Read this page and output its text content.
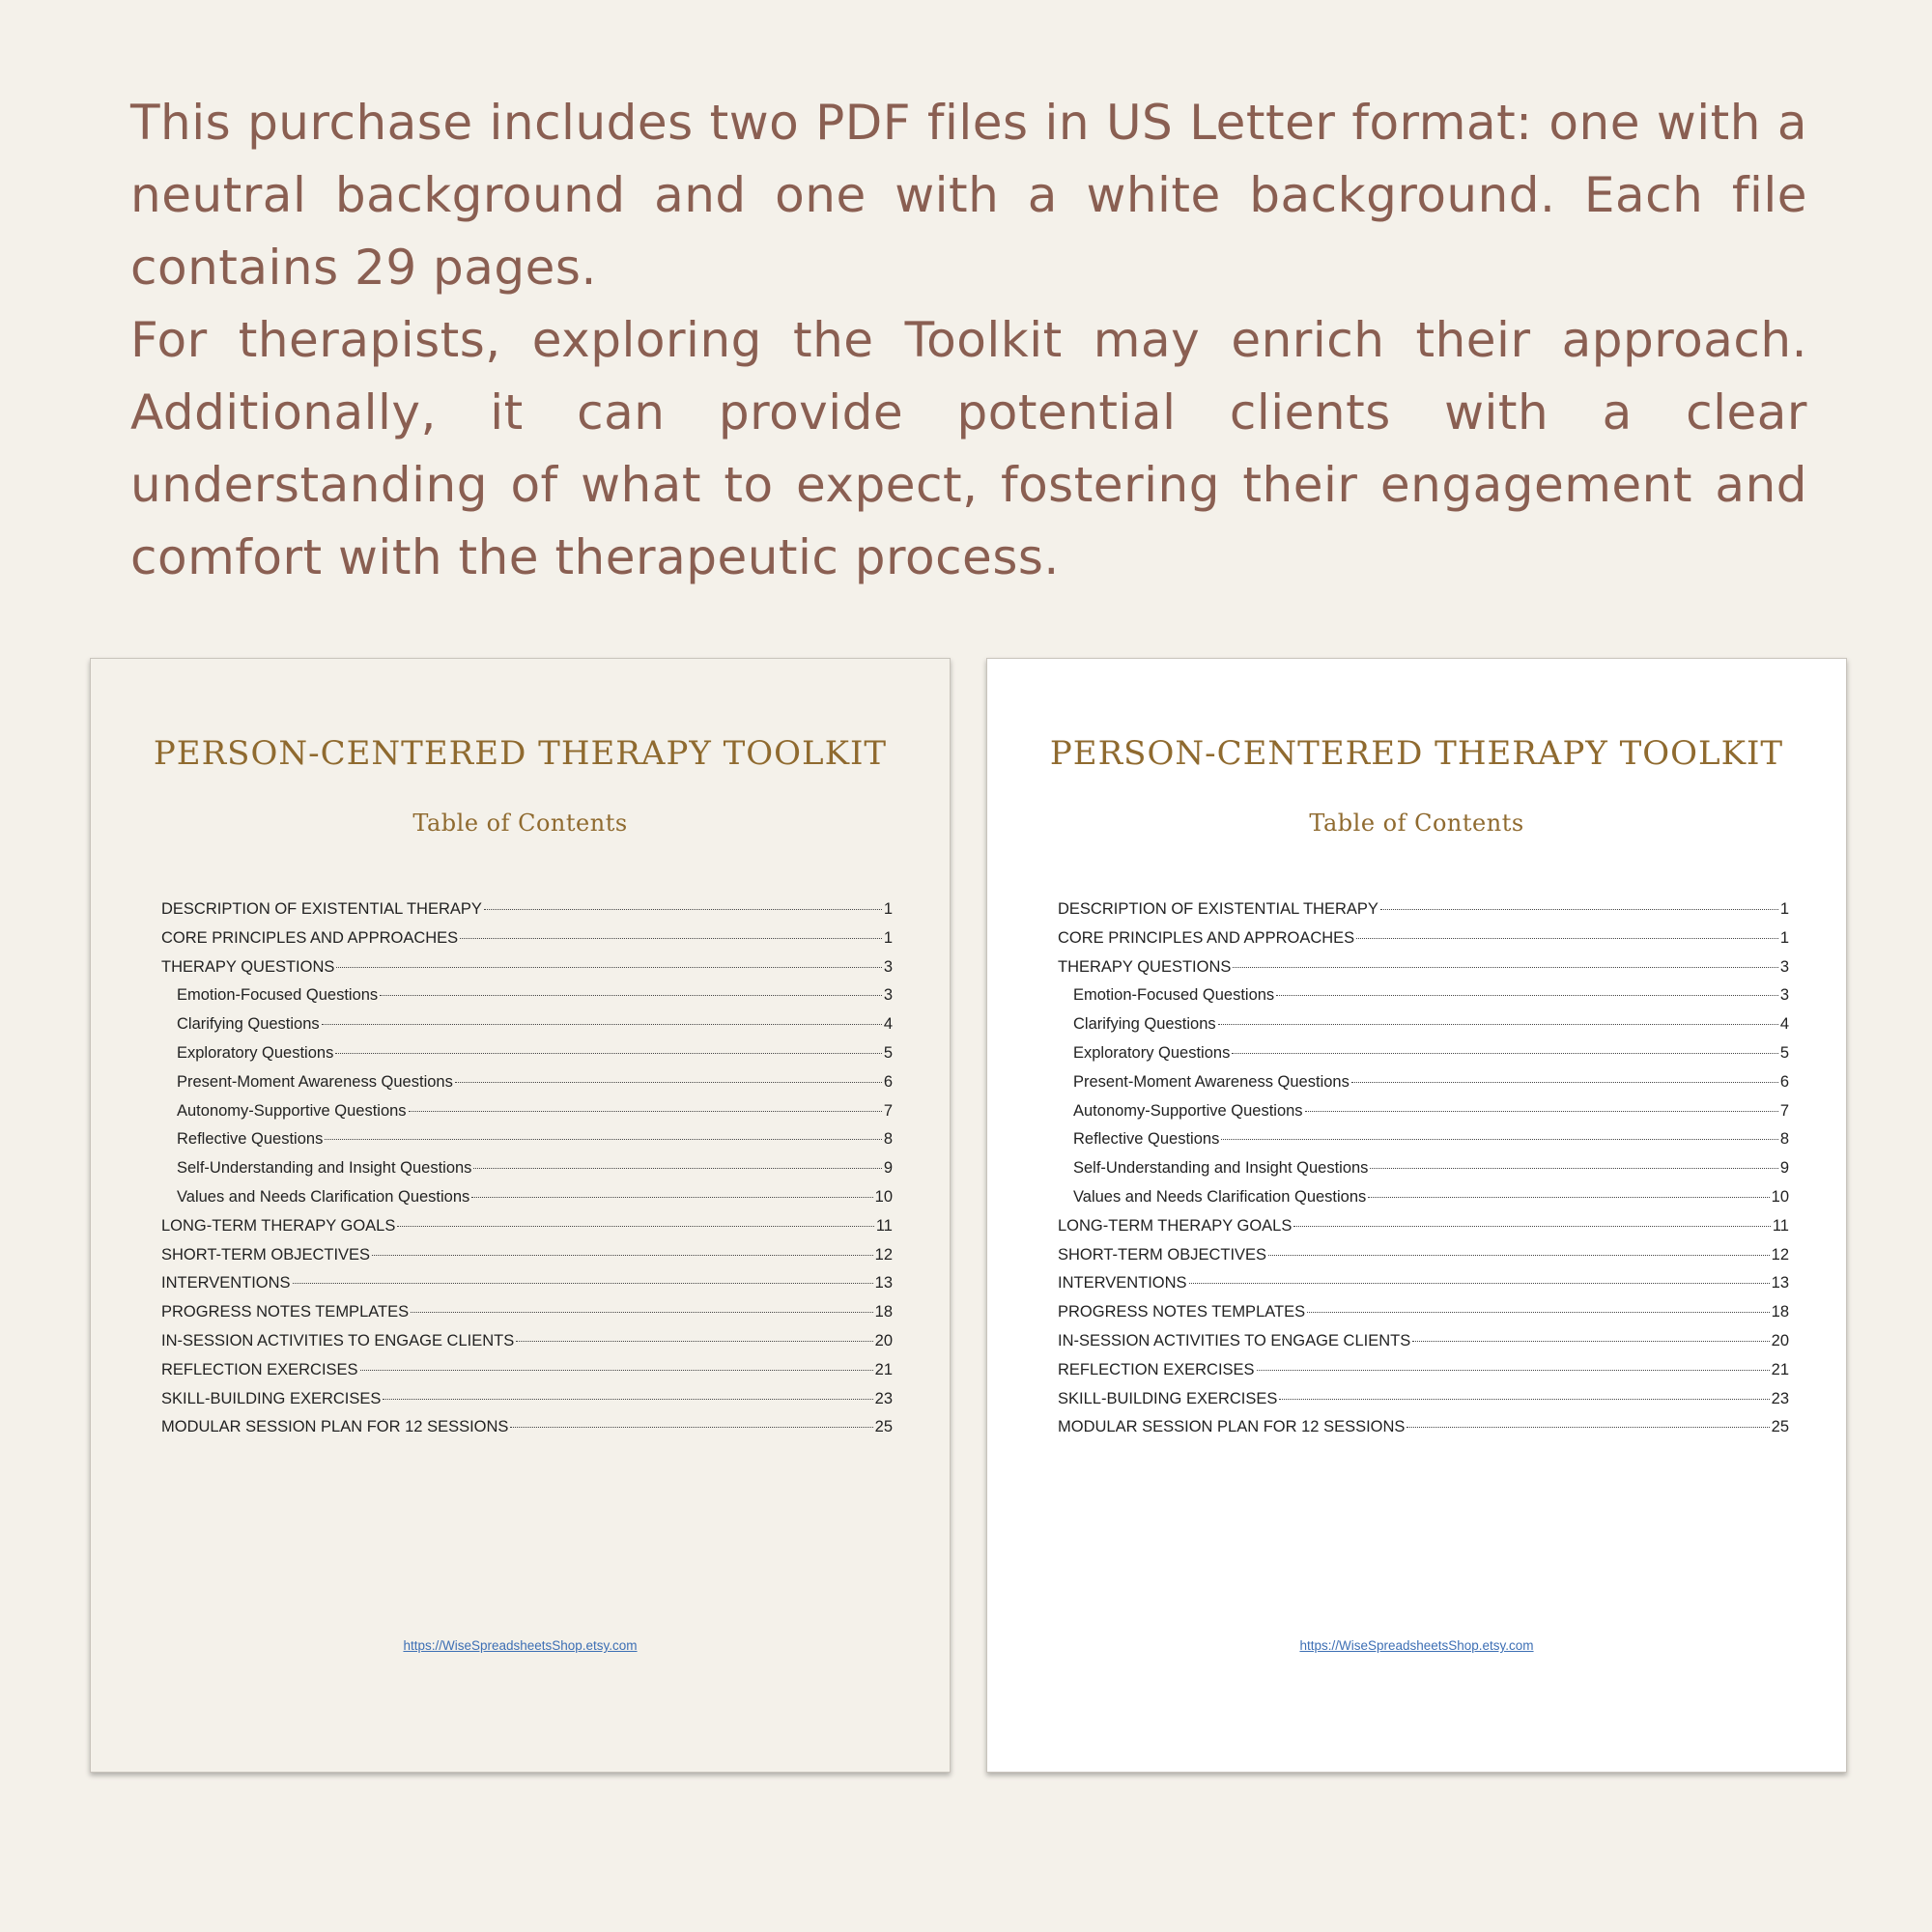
This purchase includes two PDF files in US Letter format: one with a neutral background and one with a white background. Each file contains 29 pages.

For therapists, exploring the Toolkit may enrich their approach. Additionally, it can provide potential clients with a clear understanding of what to expect, fostering their engagement and comfort with the therapeutic process.

PERSON-CENTERED THERAPY TOOLKIT
Table of Contents
DESCRIPTION OF EXISTENTIAL THERAPY	1
CORE PRINCIPLES AND APPROACHES	1
THERAPY QUESTIONS	3
Emotion-Focused Questions	3
Clarifying Questions	4
Exploratory Questions	5
Present-Moment Awareness Questions	6
Autonomy-Supportive Questions	7
Reflective Questions	8
Self-Understanding and Insight Questions	9
Values and Needs Clarification Questions	10
LONG-TERM THERAPY GOALS	11
SHORT-TERM OBJECTIVES	12
INTERVENTIONS	13
PROGRESS NOTES TEMPLATES	18
IN-SESSION ACTIVITIES TO ENGAGE CLIENTS	20
REFLECTION EXERCISES	21
SKILL-BUILDING EXERCISES	23
MODULAR SESSION PLAN FOR 12 SESSIONS	25
https://WiseSpreadsheetsShop.etsy.com
PERSON-CENTERED THERAPY TOOLKIT
Table of Contents
DESCRIPTION OF EXISTENTIAL THERAPY	1
CORE PRINCIPLES AND APPROACHES	1
THERAPY QUESTIONS	3
Emotion-Focused Questions	3
Clarifying Questions	4
Exploratory Questions	5
Present-Moment Awareness Questions	6
Autonomy-Supportive Questions	7
Reflective Questions	8
Self-Understanding and Insight Questions	9
Values and Needs Clarification Questions	10
LONG-TERM THERAPY GOALS	11
SHORT-TERM OBJECTIVES	12
INTERVENTIONS	13
PROGRESS NOTES TEMPLATES	18
IN-SESSION ACTIVITIES TO ENGAGE CLIENTS	20
REFLECTION EXERCISES	21
SKILL-BUILDING EXERCISES	23
MODULAR SESSION PLAN FOR 12 SESSIONS	25
https://WiseSpreadsheetsShop.etsy.com
